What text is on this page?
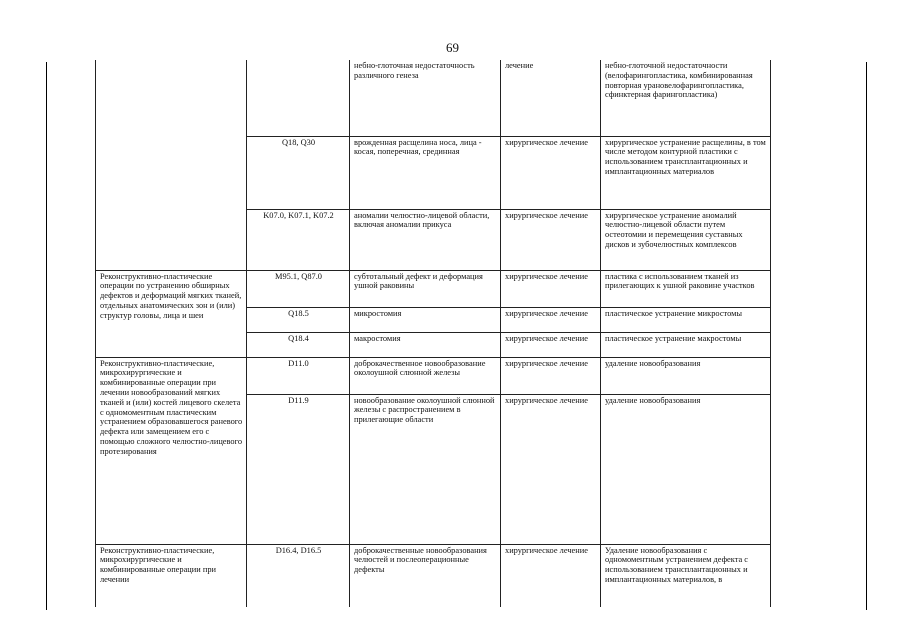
69
		небно-глоточная недостаточность различного генеза	лечение	небно-глоточной недостаточности (велофарингопластика, комбинированная повторная урановелофарингопластика, сфинктерная фарингопластика)
	Q18, Q30	врожденная расщелина носа, лица - косая, поперечная, срединная	хирургическое лечение	хирургическое устранение расщелины, в том числе методом контурной пластики с использованием трансплантационных и имплантационных материалов
	K07.0, K07.1, K07.2	аномалии челюстно-лицевой области, включая аномалии прикуса	хирургическое лечение	хирургическое устранение аномалий челюстно-лицевой области путем остеотомии и перемещения суставных дисков и зубочелюстных комплексов
Реконструктивно-пластические операции по устранению обширных дефектов и деформаций мягких тканей, отдельных анатомических зон и (или) структур головы, лица и шеи	M95.1, Q87.0	субтотальный дефект и деформация ушной раковины	хирургическое лечение	пластика с использованием тканей из прилегающих к ушной раковине участков
	Q18.5	микростомия	хирургическое лечение	пластическое устранение микростомы
	Q18.4	макростомия	хирургическое лечение	пластическое устранение макростомы
Реконструктивно-пластические, микрохирургические и комбинированные операции при лечении новообразований мягких тканей и (или) костей лицевого скелета с одномоментным пластическим устранением образовавшегося раневого дефекта или замещением его с помощью сложного челюстно-лицевого протезирования	D11.0	доброкачественное новообразование околоушной слюнной железы	хирургическое лечение	удаление новообразования
	D11.9	новообразование околоушной слюнной железы с распространением в прилегающие области	хирургическое лечение	удаление новообразования
Реконструктивно-пластические, микрохирургические и комбинированные операции при лечении	D16.4, D16.5	доброкачественные новообразования челюстей и послеоперационные дефекты	хирургическое лечение	Удаление новообразования с одномоментным устранением дефекта с использованием трансплантационных и имплантационных материалов, в
